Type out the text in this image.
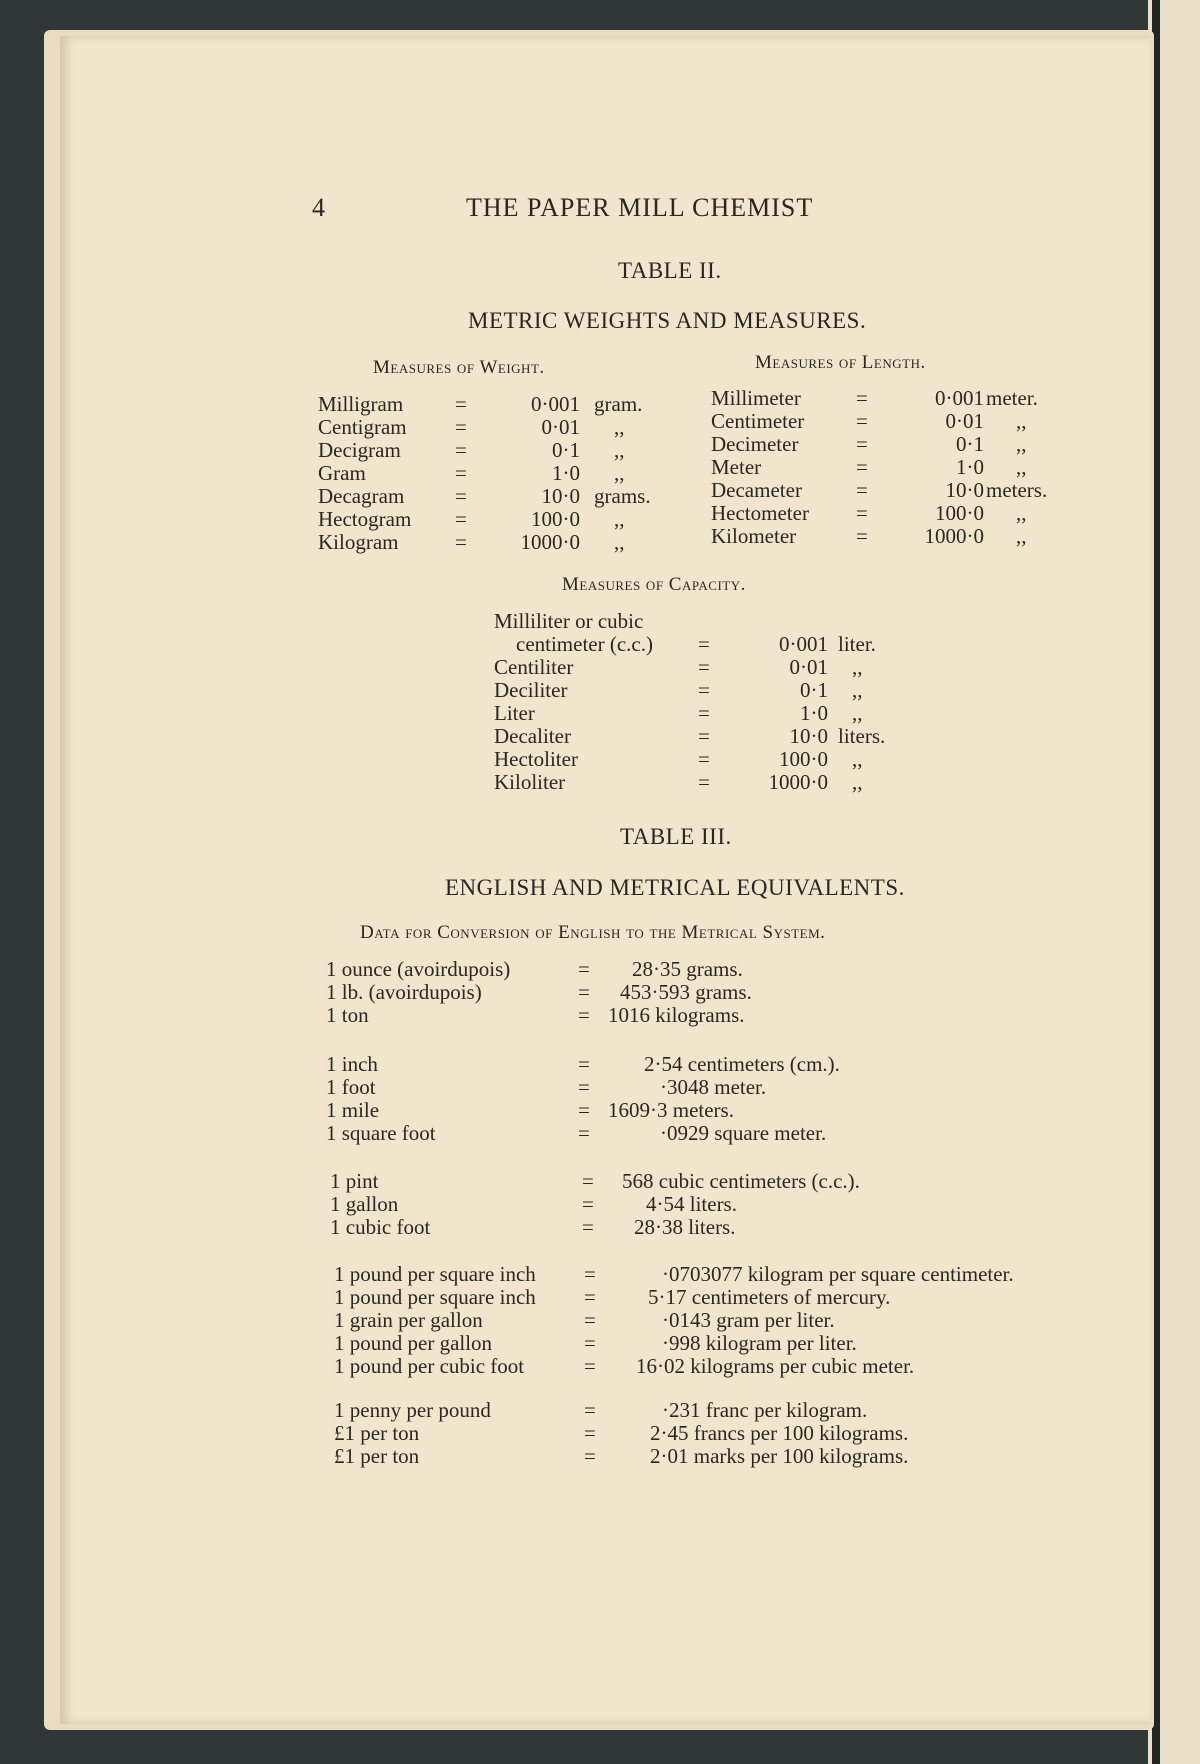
4	THE PAPER MILL CHEMIST
TABLE II.
METRIC WEIGHTS AND MEASURES.
Measures of Weight.	Measures of Length.
Milligram
Centigram
Decigram
Gram
Decagram
Hectogram
Kilogram
=
=
=
=
=
=
=
0·001
0·01
0·1
1·0
10·0
100·0
1000·0
gram.
,,
,,
,,
grams.
,,
,,
Millimeter
Centimeter
Decimeter
Meter
Decameter
Hectometer
Kilometer
=
=
=
=
=
=
=
0·001
0·01
0·1
1·0
10·0
100·0
1000·0
meter.
,,
,,
,,
meters.
,,
,,
Measures of Capacity.
Milliliter or cubic
centimeter (c.c.)
Centiliter
Deciliter
Liter
Decaliter
Hectoliter
Kiloliter
=
=
=
=
=
=
=
0·001
0·01
0·1
1·0
10·0
100·0
1000·0
liter.
,,
,,
,,
liters.
,,
,,
TABLE III.
ENGLISH AND METRICAL EQUIVALENTS.
Data for Conversion of English to the Metrical System.
1 ounce (avoirdupois)
1 lb. (avoirdupois)
1 ton
=
=
=
28·35 grams.
453·593 grams.
1016 kilograms.
1 inch
1 foot
1 mile
1 square foot
=
=
=
=
2·54 centimeters (cm.).
·3048 meter.
1609·3 meters.
·0929 square meter.
1 pint
1 gallon
1 cubic foot
=
=
=
568 cubic centimeters (c.c.).
4·54 liters.
28·38 liters.
1 pound per square inch
1 pound per square inch
1 grain per gallon
1 pound per gallon
1 pound per cubic foot
=
=
=
=
=
·0703077 kilogram per square centimeter.
5·17 centimeters of mercury.
·0143 gram per liter.
·998 kilogram per liter.
16·02 kilograms per cubic meter.
1 penny per pound
£1 per ton
£1 per ton
=
=
=
·231 franc per kilogram.
2·45 francs per 100 kilograms.
2·01 marks per 100 kilograms.
